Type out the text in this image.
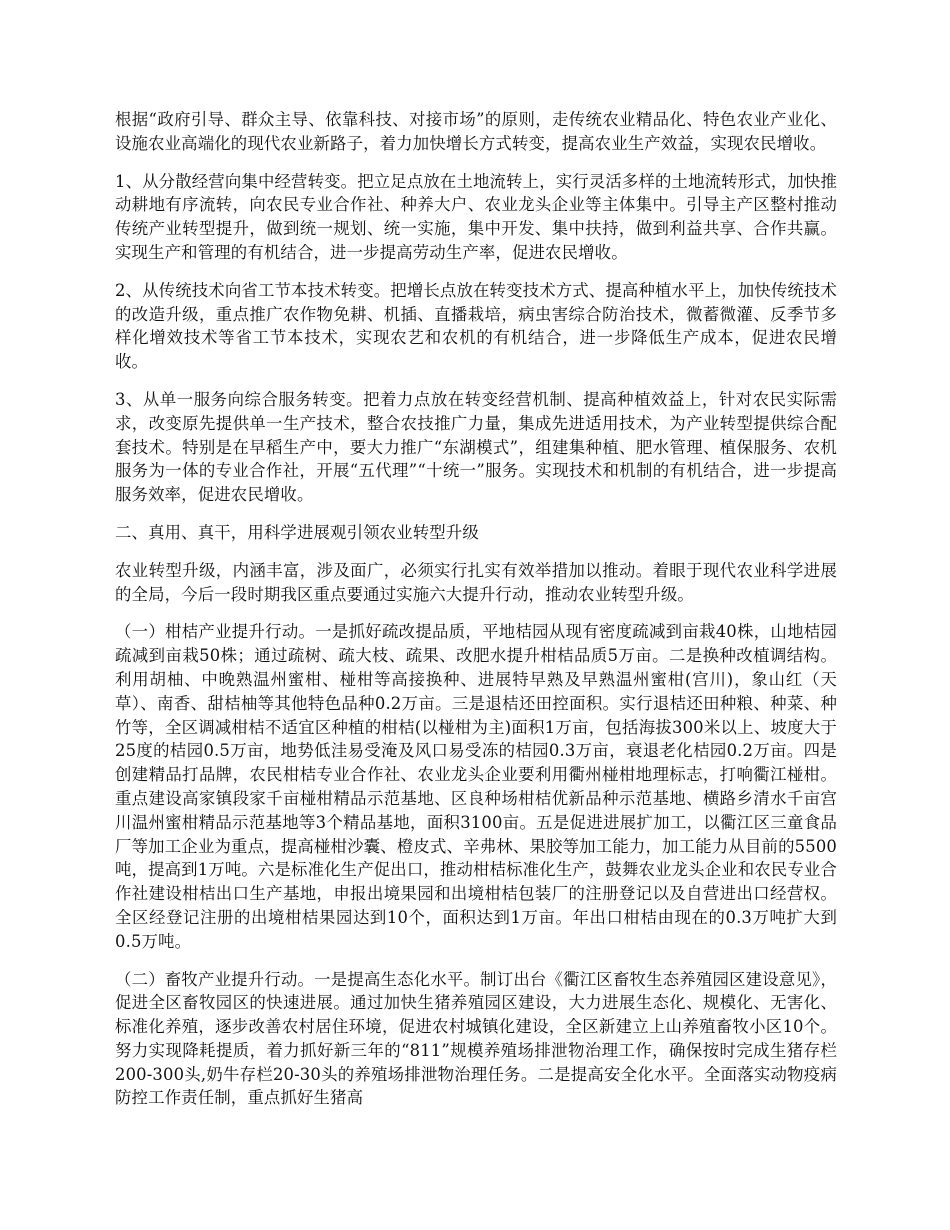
根据“政府引导、群众主导、依靠科技、对接市场”的原则，走传统农业精品化、特色农业产业化、设施农业高端化的现代农业新路子，着力加快增长方式转变，提高农业生产效益，实现农民增收。

1、从分散经营向集中经营转变。把立足点放在土地流转上，实行灵活多样的土地流转形式，加快推动耕地有序流转，向农民专业合作社、种养大户、农业龙头企业等主体集中。引导主产区整村推动传统产业转型提升，做到统一规划、统一实施，集中开发、集中扶持，做到利益共享、合作共赢。实现生产和管理的有机结合，进一步提高劳动生产率，促进农民增收。

2、从传统技术向省工节本技术转变。把增长点放在转变技术方式、提高种植水平上，加快传统技术的改造升级，重点推广农作物免耕、机插、直播栽培，病虫害综合防治技术，微蓄微灌、反季节多样化增效技术等省工节本技术，实现农艺和农机的有机结合，进一步降低生产成本，促进农民增收。

3、从单一服务向综合服务转变。把着力点放在转变经营机制、提高种植效益上，针对农民实际需求，改变原先提供单一生产技术，整合农技推广力量，集成先进适用技术，为产业转型提供综合配套技术。特别是在早稻生产中，要大力推广“东湖模式”，组建集种植、肥水管理、植保服务、农机服务为一体的专业合作社，开展“五代理”“十统一”服务。实现技术和机制的有机结合，进一步提高服务效率，促进农民增收。

二、真用、真干，用科学进展观引领农业转型升级

农业转型升级，内涵丰富，涉及面广，必须实行扎实有效举措加以推动。着眼于现代农业科学进展的全局，今后一段时期我区重点要通过实施六大提升行动，推动农业转型升级。

（一）柑桔产业提升行动。一是抓好疏改提品质，平地桔园从现有密度疏减到亩栽40株，山地桔园疏减到亩栽50株；通过疏树、疏大枝、疏果、改肥水提升柑桔品质5万亩。二是换种改植调结构。利用胡柚、中晚熟温州蜜柑、椪柑等高接换种、进展特早熟及早熟温州蜜柑(宫川)，象山红（天草）、南香、甜桔柚等其他特色品种0.2万亩。三是退桔还田控面积。实行退桔还田种粮、种菜、种竹等，全区调减柑桔不适宜区种植的柑桔(以椪柑为主)面积1万亩，包括海拔300米以上、坡度大于25度的桔园0.5万亩，地势低洼易受淹及风口易受冻的桔园0.3万亩，衰退老化桔园0.2万亩。四是创建精品打品牌，农民柑桔专业合作社、农业龙头企业要利用衢州椪柑地理标志，打响衢江椪柑。重点建设高家镇段家千亩椪柑精品示范基地、区良种场柑桔优新品种示范基地、横路乡清水千亩宫川温州蜜柑精品示范基地等3个精品基地，面积3100亩。五是促进进展扩加工，以衢江区三童食品厂等加工企业为重点，提高椪柑沙囊、橙皮式、辛弗林、果胶等加工能力，加工能力从目前的5500吨，提高到1万吨。六是标准化生产促出口，推动柑桔标准化生产，鼓舞农业龙头企业和农民专业合作社建设柑桔出口生产基地，申报出境果园和出境柑桔包装厂的注册登记以及自营进出口经营权。全区经登记注册的出境柑桔果园达到10个，面积达到1万亩。年出口柑桔由现在的0.3万吨扩大到0.5万吨。

（二）畜牧产业提升行动。一是提高生态化水平。制订出台《衢江区畜牧生态养殖园区建设意见》，促进全区畜牧园区的快速进展。通过加快生猪养殖园区建设，大力进展生态化、规模化、无害化、标准化养殖，逐步改善农村居住环境，促进农村城镇化建设，全区新建立上山养殖畜牧小区10个。努力实现降耗提质，着力抓好新三年的“811”规模养殖场排泄物治理工作，确保按时完成生猪存栏200-300头,奶牛存栏20-30头的养殖场排泄物治理任务。二是提高安全化水平。全面落实动物疫病防控工作责任制，重点抓好生猪高
